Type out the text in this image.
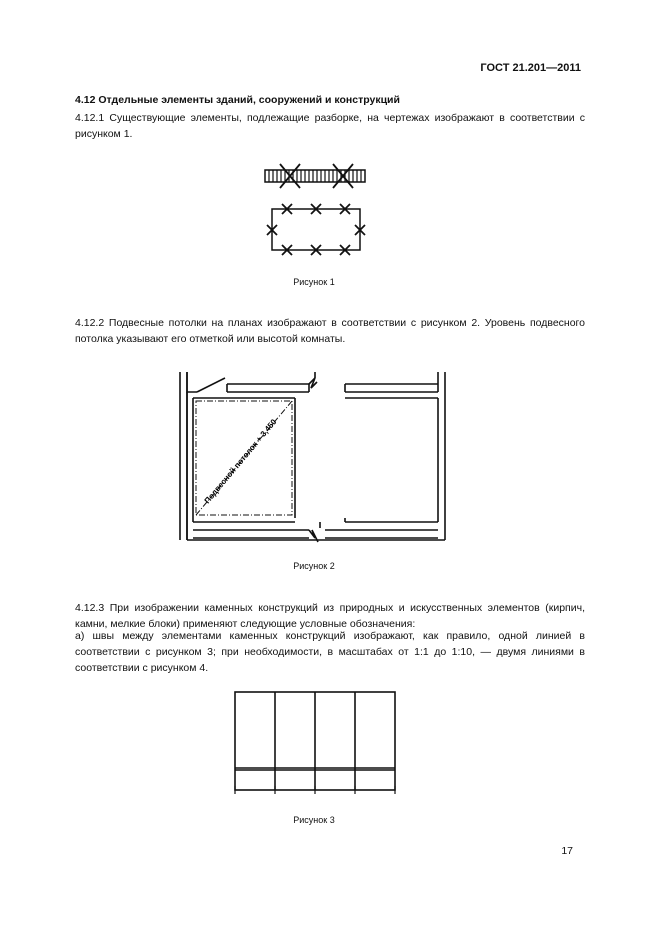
ГОСТ 21.201—2011
4.12 Отдельные элементы зданий, сооружений и конструкций
4.12.1 Существующие элементы, подлежащие разборке, на чертежах изображают в соответствии с рисунком 1.
Рисунок 1
4.12.2 Подвесные потолки на планах изображают в соответствии с рисунком 2. Уровень подвесного потолка указывают его отметкой или высотой комнаты.
Подвесной потолок + 3,450
Рисунок 2
4.12.3 При изображении каменных конструкций из природных и искусственных элементов (кирпич, камни, мелкие блоки) применяют следующие условные обозначения:
а) швы между элементами каменных конструкций изображают, как правило, одной линией в соответствии с рисунком 3; при необходимости, в масштабах от 1:1 до 1:10, — двумя линиями в соответствии с рисунком 4.
Рисунок 3
17
